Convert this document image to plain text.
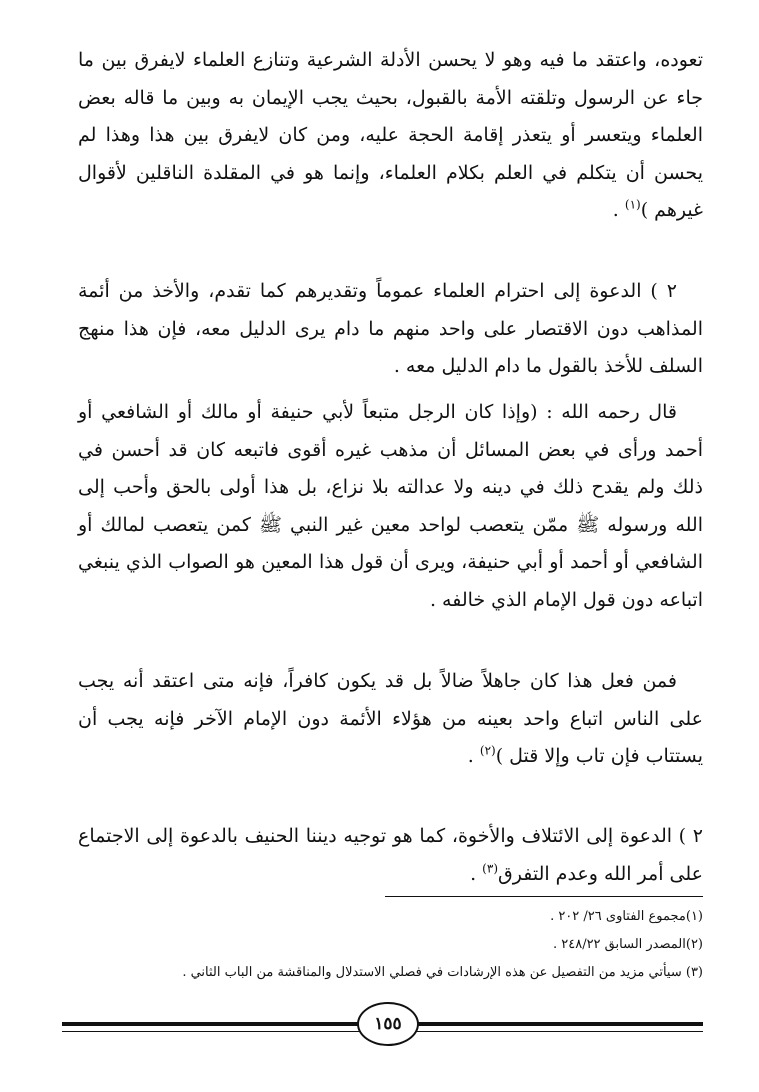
تعوده، واعتقد ما فيه وهو لا يحسن الأدلة الشرعية وتنازع العلماء لايفرق بين ما جاء عن الرسول وتلقته الأمة بالقبول، بحيث يجب الإيمان به وبين ما قاله بعض العلماء ويتعسر أو يتعذر إقامة الحجة عليه، ومن كان لايفرق بين هذا وهذا لم يحسن أن يتكلم في العلم بكلام العلماء، وإنما هو في المقلدة الناقلين لأقوال غيرهم )$^{(١)}$ .

٢ ) الدعوة إلى احترام العلماء عموماً وتقديرهم كما تقدم، والأخذ من أئمة المذاهب دون الاقتصار على واحد منهم ما دام يرى الدليل معه، فإن هذا منهج السلف للأخذ بالقول ما دام الدليل معه .

قال رحمه الله : (وإذا كان الرجل متبعاً لأبي حنيفة أو مالك أو الشافعي أو أحمد ورأى في بعض المسائل أن مذهب غيره أقوى فاتبعه كان قد أحسن في ذلك ولم يقدح ذلك في دينه ولا عدالته بلا نزاع، بل هذا أولى بالحق وأحب إلى الله ورسوله ﷺ ممّن يتعصب لواحد معين غير النبي ﷺ كمن يتعصب لمالك أو الشافعي أو أحمد أو أبي حنيفة، ويرى أن قول هذا المعين هو الصواب الذي ينبغي اتباعه دون قول الإمام الذي خالفه .

فمن فعل هذا كان جاهلاً ضالاً بل قد يكون كافراً، فإنه متى اعتقد أنه يجب على الناس اتباع واحد بعينه من هؤلاء الأئمة دون الإمام الآخر فإنه يجب أن يستتاب فإن تاب وإلا قتل )$^{(٢)}$ .

٢ ) الدعوة إلى الائتلاف والأخوة، كما هو توجيه ديننا الحنيف بالدعوة إلى الاجتماع على أمر الله وعدم التفرق$^{(٣)}$ .

(١)مجموع الفتاوى ٢٦/ ٢٠٢ .
(٢)المصدر السابق ٢٤٨/٢٢ .
(٣) سيأتي مزيد من التفصيل عن هذه الإرشادات في فصلي الاستدلال والمناقشة من الباب الثاني .
١٥٥
